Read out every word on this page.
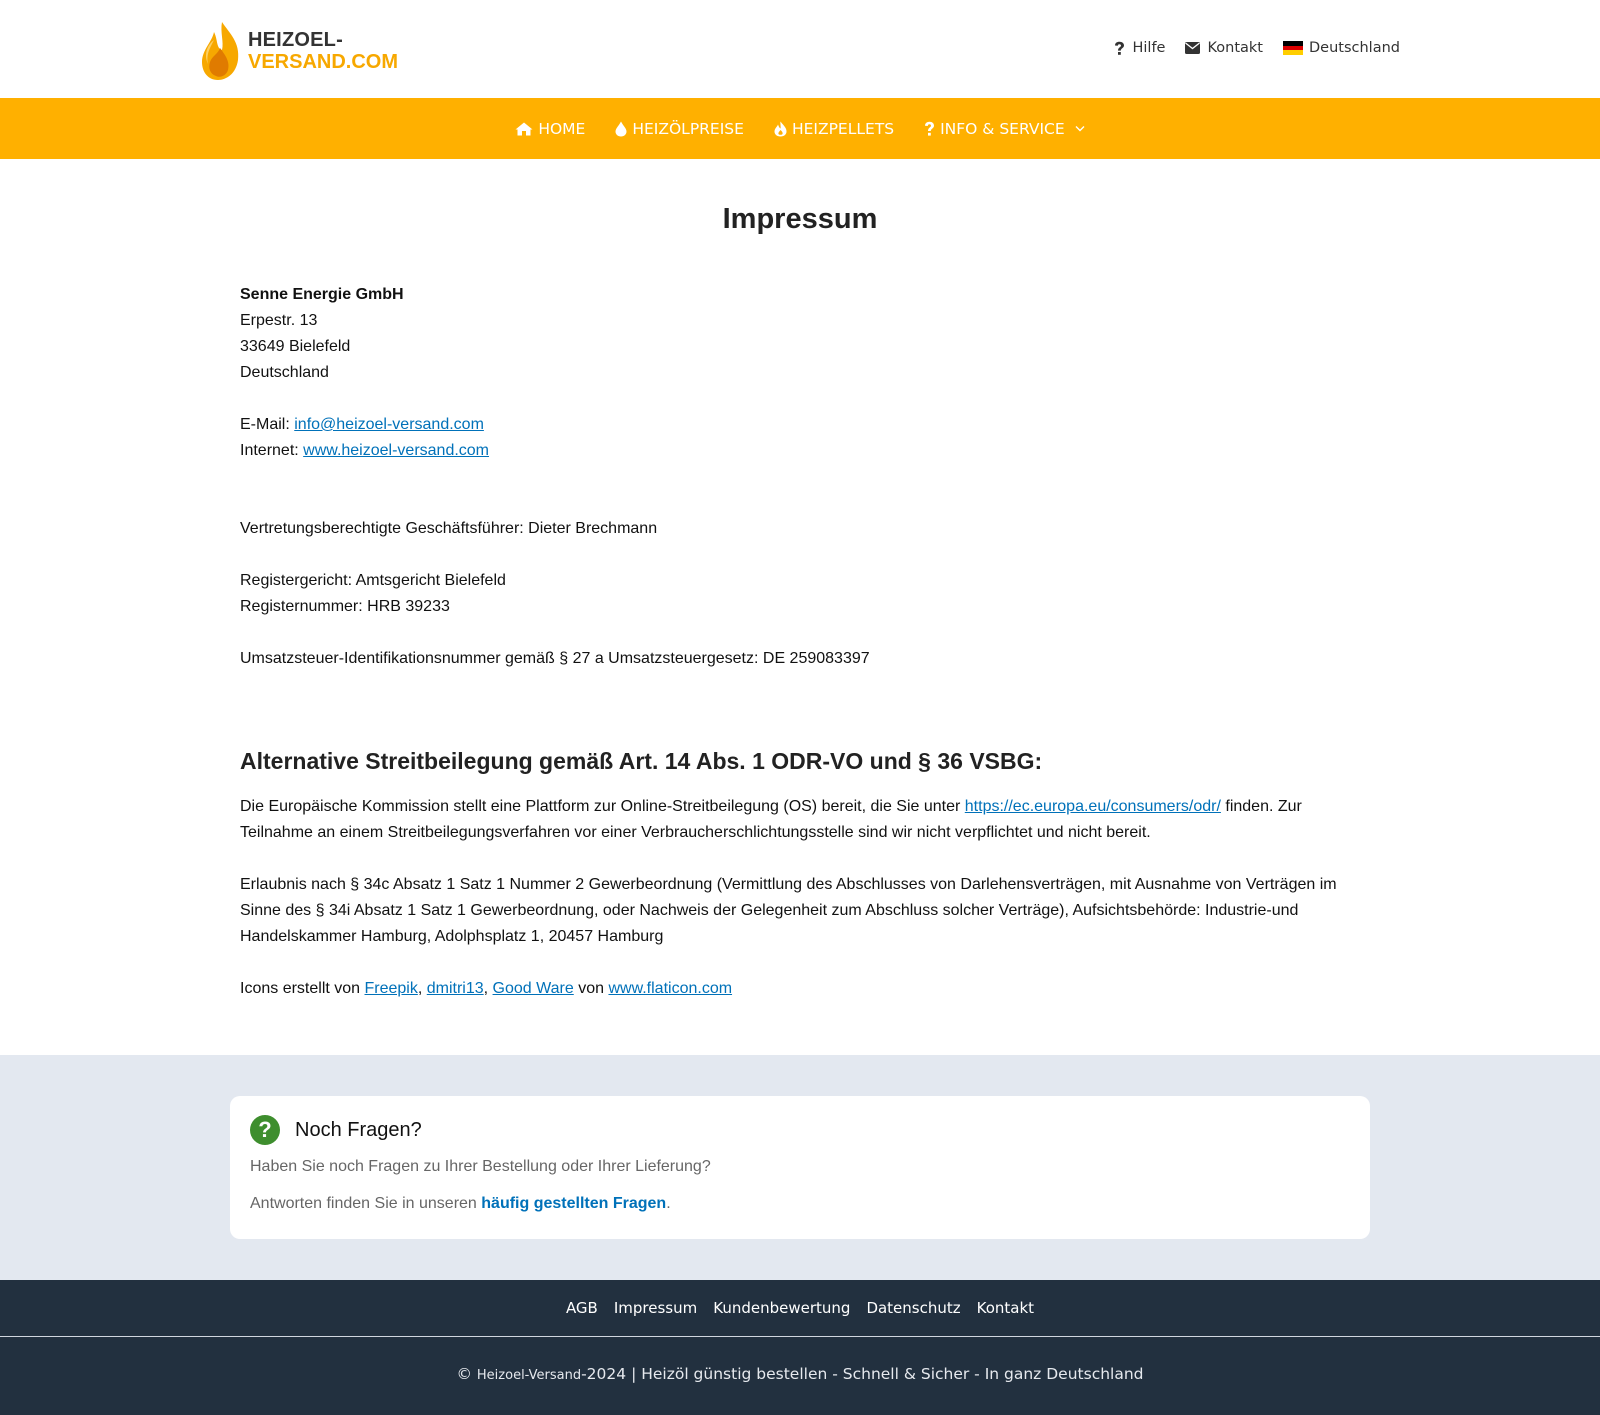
HEIZOEL-
VERSAND.COM
Hilfe	Kontakt	Deutschland
HOME	HEIZÖLPREISE	HEIZPELLETS	INFO & SERVICE
Impressum

Senne Energie GmbH

Erpestr. 13

33649 Bielefeld

Deutschland

E-Mail: info@heizoel-versand.com

Internet: www.heizoel-versand.com

Vertretungsberechtigte Geschäftsführer: Dieter Brechmann

Registergericht: Amtsgericht Bielefeld

Registernummer: HRB 39233

Umsatzsteuer-Identifikationsnummer gemäß § 27 a Umsatzsteuergesetz: DE 259083397

Alternative Streitbeilegung gemäß Art. 14 Abs. 1 ODR-VO und § 36 VSBG:

Die Europäische Kommission stellt eine Plattform zur Online-Streitbeilegung (OS) bereit, die Sie unter https://ec.europa.eu/consumers/odr/ finden. Zur Teilnahme an einem Streitbeilegungsverfahren vor einer Verbraucherschlichtungsstelle sind wir nicht verpflichtet und nicht bereit.

Erlaubnis nach § 34c Absatz 1 Satz 1 Nummer 2 Gewerbeordnung (Vermittlung des Abschlusses von Darlehensverträgen, mit Ausnahme von Verträgen im Sinne des § 34i Absatz 1 Satz 1 Gewerbeordnung, oder Nachweis der Gelegenheit zum Abschluss solcher Verträge), Aufsichtsbehörde: Industrie-und Handelskammer Hamburg, Adolphsplatz 1, 20457 Hamburg

Icons erstellt von Freepik, dmitri13, Good Ware von www.flaticon.com

?	Noch Fragen?
Haben Sie noch Fragen zu Ihrer Bestellung oder Ihrer Lieferung?
Antworten finden Sie in unseren häufig gestellten Fragen.
AGB Impressum Kundenbewertung Datenschutz Kontakt
© Heizoel-Versand-2024 | Heizöl günstig bestellen - Schnell & Sicher - In ganz Deutschland
